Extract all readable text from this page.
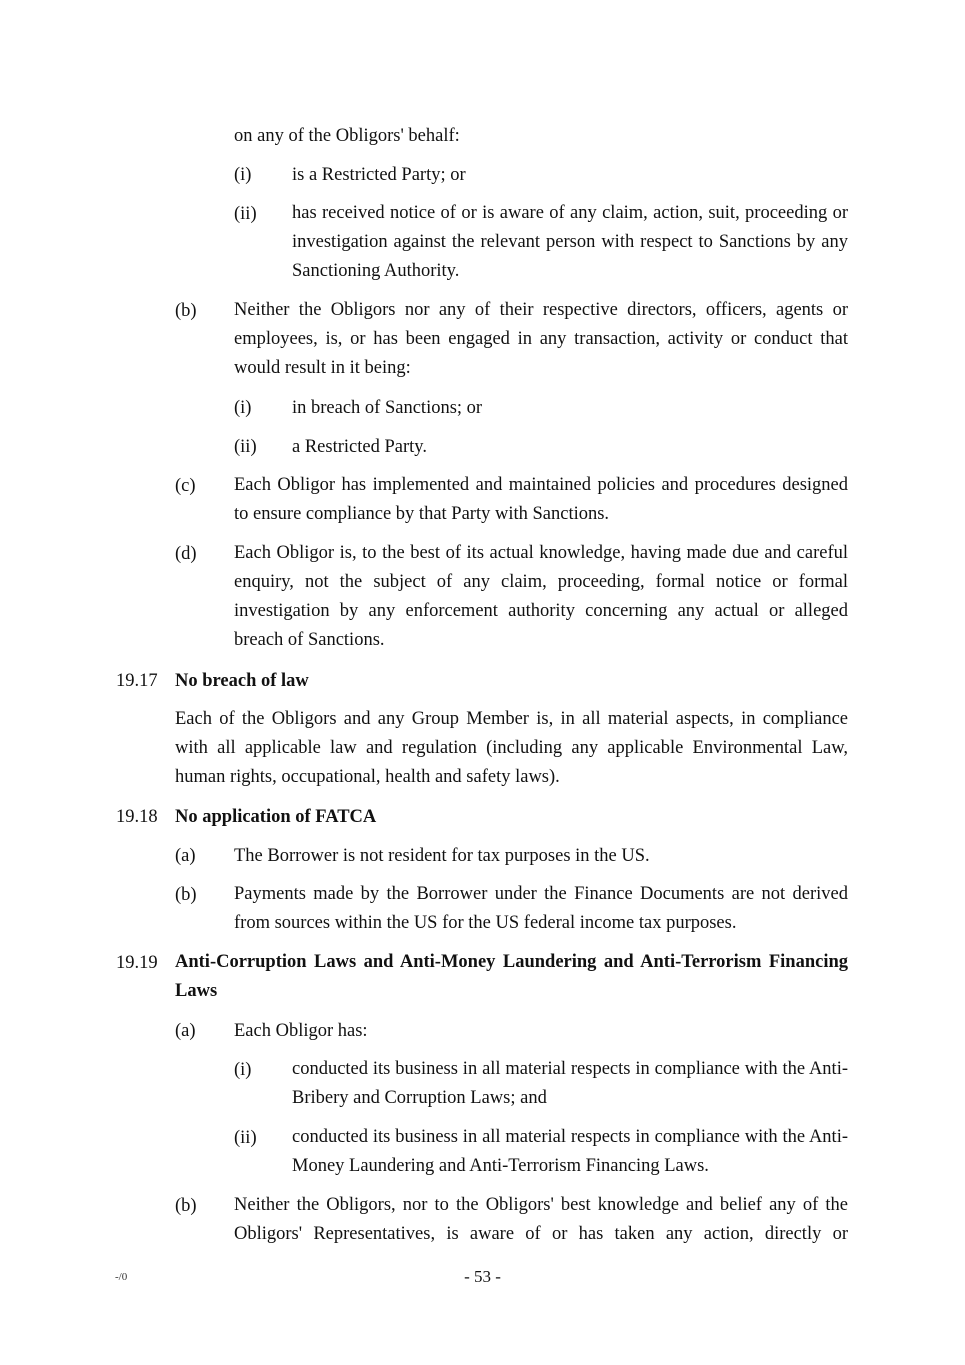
on any of the Obligors' behalf:
(i) is a Restricted Party; or
(ii) has received notice of or is aware of any claim, action, suit, proceeding or investigation against the relevant person with respect to Sanctions by any Sanctioning Authority.
(b) Neither the Obligors nor any of their respective directors, officers, agents or employees, is, or has been engaged in any transaction, activity or conduct that would result in it being:
(i) in breach of Sanctions; or
(ii) a Restricted Party.
(c) Each Obligor has implemented and maintained policies and procedures designed to ensure compliance by that Party with Sanctions.
(d) Each Obligor is, to the best of its actual knowledge, having made due and careful enquiry, not the subject of any claim, proceeding, formal notice or formal investigation by any enforcement authority concerning any actual or alleged breach of Sanctions.
19.17 No breach of law
Each of the Obligors and any Group Member is, in all material aspects, in compliance with all applicable law and regulation (including any applicable Environmental Law, human rights, occupational, health and safety laws).
19.18 No application of FATCA
(a) The Borrower is not resident for tax purposes in the US.
(b) Payments made by the Borrower under the Finance Documents are not derived from sources within the US for the US federal income tax purposes.
19.19 Anti-Corruption Laws and Anti-Money Laundering and Anti-Terrorism Financing Laws
(a) Each Obligor has:
(i) conducted its business in all material respects in compliance with the Anti-Bribery and Corruption Laws; and
(ii) conducted its business in all material respects in compliance with the Anti-Money Laundering and Anti-Terrorism Financing Laws.
(b) Neither the Obligors, nor to the Obligors' best knowledge and belief any of the Obligors' Representatives, is aware of or has taken any action, directly or
-/0	- 53 -
